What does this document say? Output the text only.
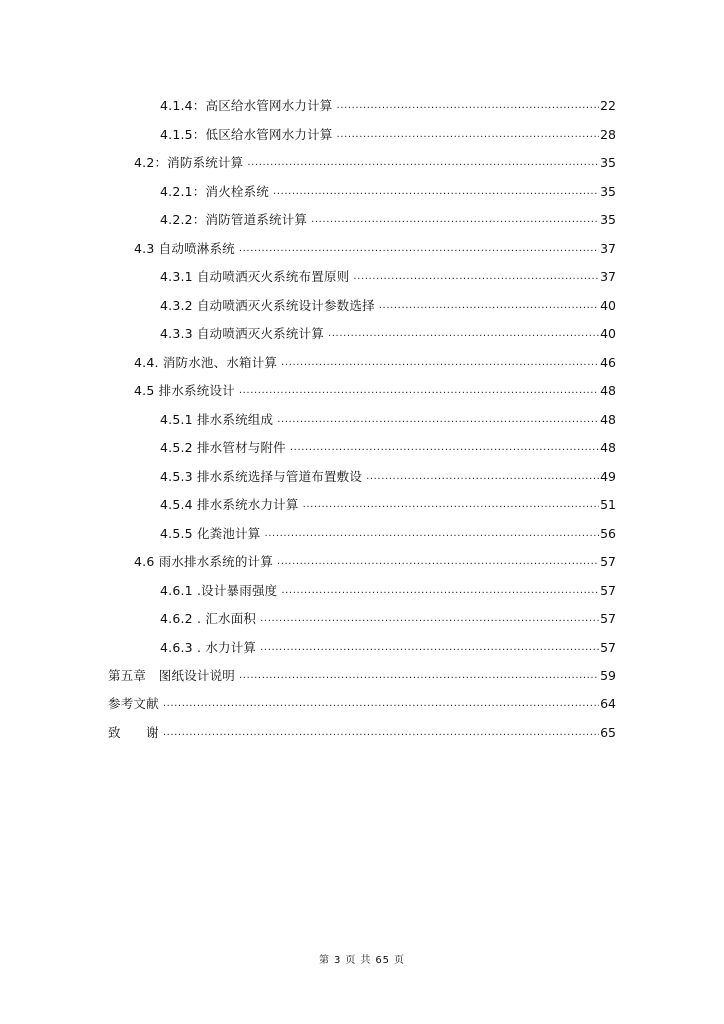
4.1.4：高区给水管网水力计算 .....	22
4.1.5：低区给水管网水力计算 .....	28
4.2：消防系统计算 .....	35
4.2.1：消火栓系统 .....	35
4.2.2：消防管道系统计算 .....	35
4.3 自动喷淋系统 .....	37
4.3.1 自动喷洒灭火系统布置原则 .....	37
4.3.2 自动喷洒灭火系统设计参数选择 .....	40
4.3.3 自动喷洒灭火系统计算 .....	40
4.4. 消防水池、水箱计算 .....	46
4.5 排水系统设计 .....	48
4.5.1 排水系统组成 .....	48
4.5.2 排水管材与附件 .....	48
4.5.3 排水系统选择与管道布置敷设 .....	49
4.5.4 排水系统水力计算 .....	51
4.5.5 化粪池计算 .....	56
4.6 雨水排水系统的计算 .....	57
4.6.1 .设计暴雨强度 .....	57
4.6.2 . 汇水面积 .....	57
4.6.3 . 水力计算 .....	57
第五章　图纸设计说明 .....	59
参考文献 .....	64
致　　谢 .....	65
第 3 页 共 65 页
